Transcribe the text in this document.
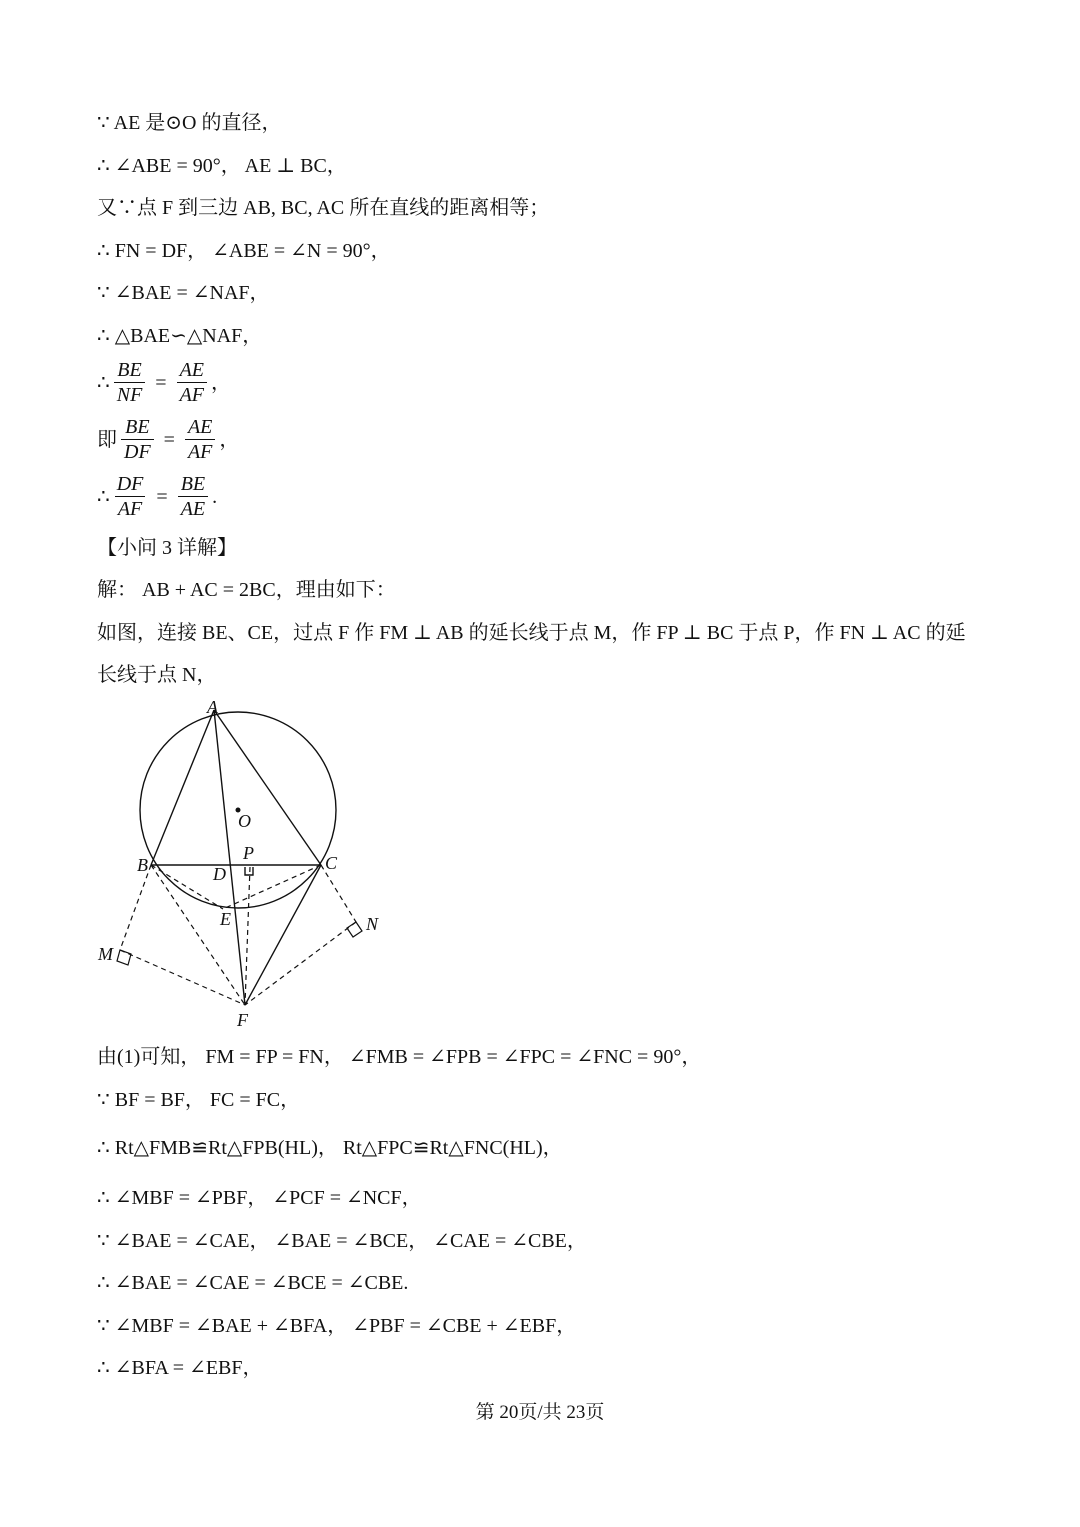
∵ AE 是⊙O 的直径，
∴ ∠ABE = 90°， AE ⊥ BC，
又∵点 F 到三边 AB, BC, AC 所在直线的距离相等；
∴ FN = DF， ∠ABE = ∠N = 90°，
∵ ∠BAE = ∠NAF，
∴ △BAE∽△NAF，
∴ $\frac{BE}{NF} = \frac{AE}{AF}$ ，
即 $\frac{BE}{DF} = \frac{AE}{AF}$ ，
∴ $\frac{DF}{AF} = \frac{BE}{AE}$ .
【小问 3 详解】
解： AB + AC = 2BC，理由如下：
如图，连接 BE、CE，过点 F 作 FM ⊥ AB 的延长线于点 M，作 FP ⊥ BC 于点 P，作 FN ⊥ AC 的延
长线于点 N，
A
O
B	C
P
D
E	N
M
F
由(1)可知， FM = FP = FN， ∠FMB = ∠FPB = ∠FPC = ∠FNC = 90°，
∵ BF = BF， FC = FC，
∴ Rt△FMB≌Rt△FPB(HL)， Rt△FPC≌Rt△FNC(HL)，
∴ ∠MBF = ∠PBF， ∠PCF = ∠NCF，
∵ ∠BAE = ∠CAE， ∠BAE = ∠BCE， ∠CAE = ∠CBE，
∴ ∠BAE = ∠CAE = ∠BCE = ∠CBE.
∵ ∠MBF = ∠BAE + ∠BFA， ∠PBF = ∠CBE + ∠EBF，
∴ ∠BFA = ∠EBF，
第 20页/共 23页
